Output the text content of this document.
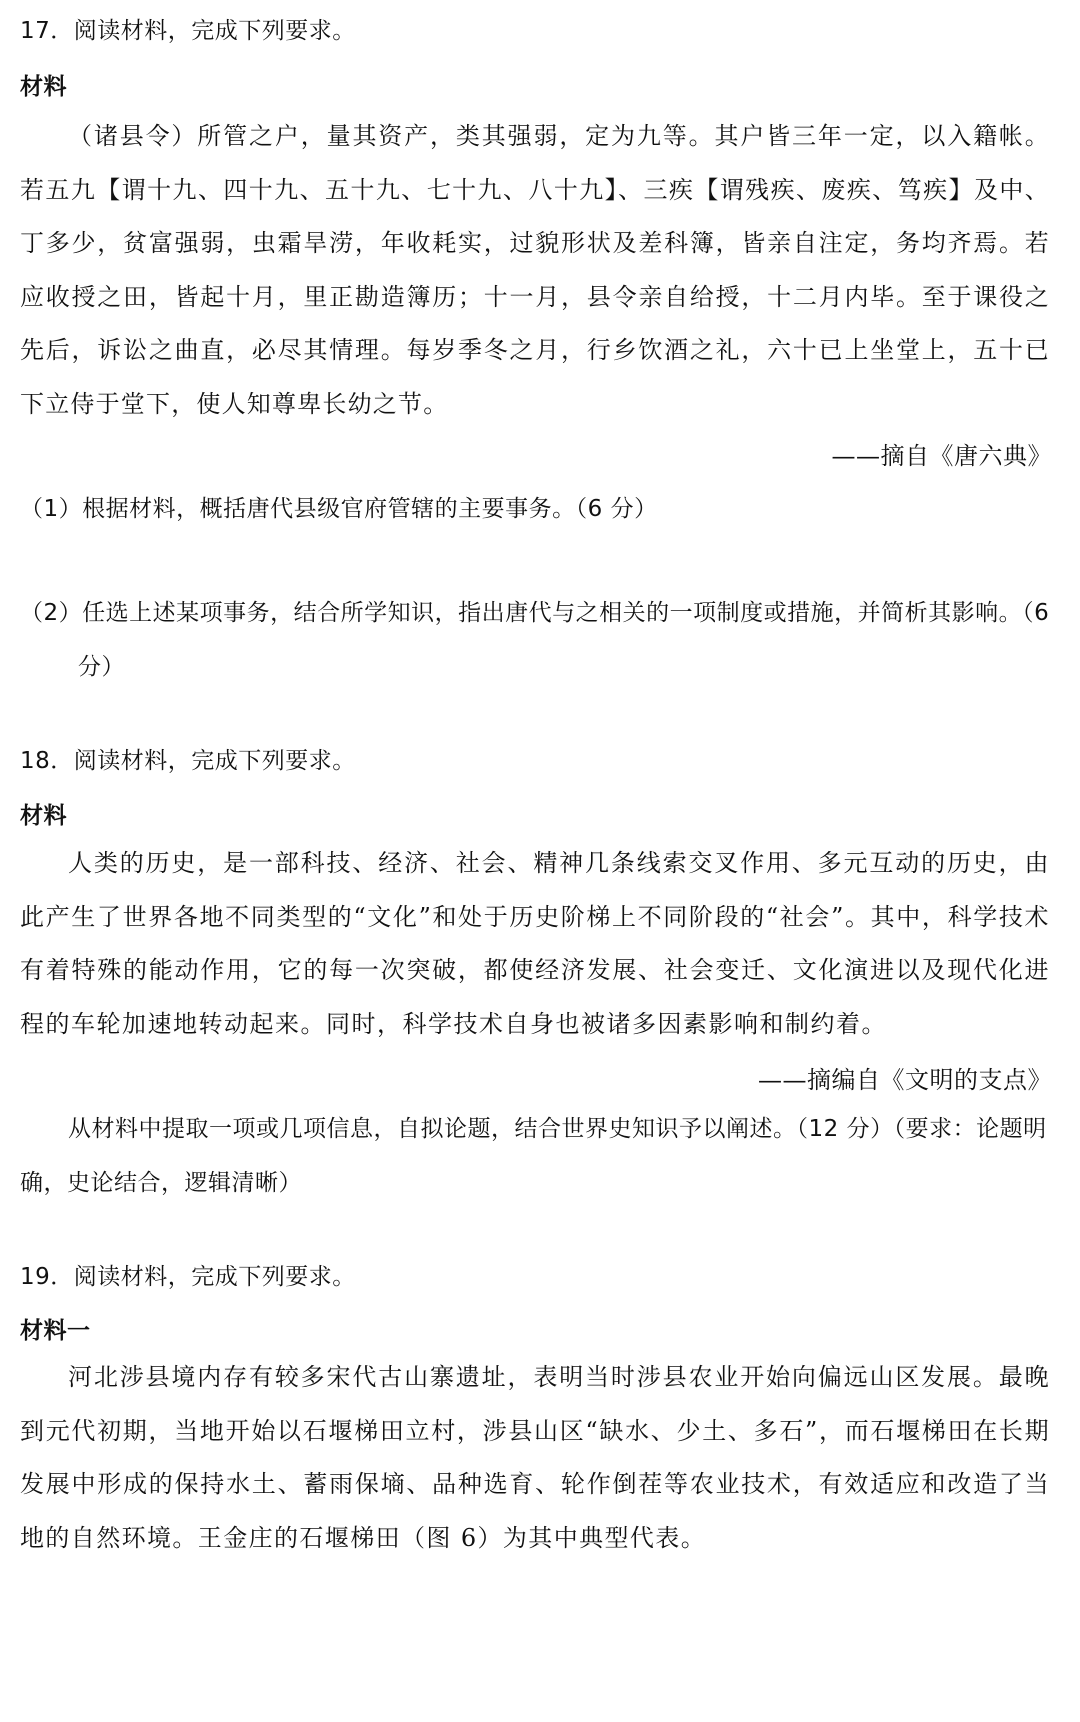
17．阅读材料，完成下列要求。

材料

（诸县令）所管之户，量其资产，类其强弱，定为九等。其户皆三年一定，以入籍帐。若五九【谓十九、四十九、五十九、七十九、八十九】、三疾【谓残疾、废疾、笃疾】及中、丁多少，贫富强弱，虫霜旱涝，年收耗实，过貌形状及差科簿，皆亲自注定，务均齐焉。若应收授之田，皆起十月，里正勘造簿历；十一月，县令亲自给授，十二月内毕。至于课役之先后，诉讼之曲直，必尽其情理。每岁季冬之月，行乡饮酒之礼，六十已上坐堂上，五十已下立侍于堂下，使人知尊卑长幼之节。

——摘自《唐六典》

（1）根据材料，概括唐代县级官府管辖的主要事务。（6 分）

（2）任选上述某项事务，结合所学知识，指出唐代与之相关的一项制度或措施，并简析其影响。（6 分）

18．阅读材料，完成下列要求。

材料

人类的历史，是一部科技、经济、社会、精神几条线索交叉作用、多元互动的历史，由此产生了世界各地不同类型的“文化”和处于历史阶梯上不同阶段的“社会”。其中，科学技术有着特殊的能动作用，它的每一次突破，都使经济发展、社会变迁、文化演进以及现代化进程的车轮加速地转动起来。同时，科学技术自身也被诸多因素影响和制约着。

——摘编自《文明的支点》

从材料中提取一项或几项信息，自拟论题，结合世界史知识予以阐述。（12 分）（要求：论题明确，史论结合，逻辑清晰）

19．阅读材料，完成下列要求。

材料一

河北涉县境内存有较多宋代古山寨遗址，表明当时涉县农业开始向偏远山区发展。最晚到元代初期，当地开始以石堰梯田立村，涉县山区“缺水、少土、多石”，而石堰梯田在长期发展中形成的保持水土、蓄雨保墒、品种选育、轮作倒茬等农业技术，有效适应和改造了当地的自然环境。王金庄的石堰梯田（图 6）为其中典型代表。
